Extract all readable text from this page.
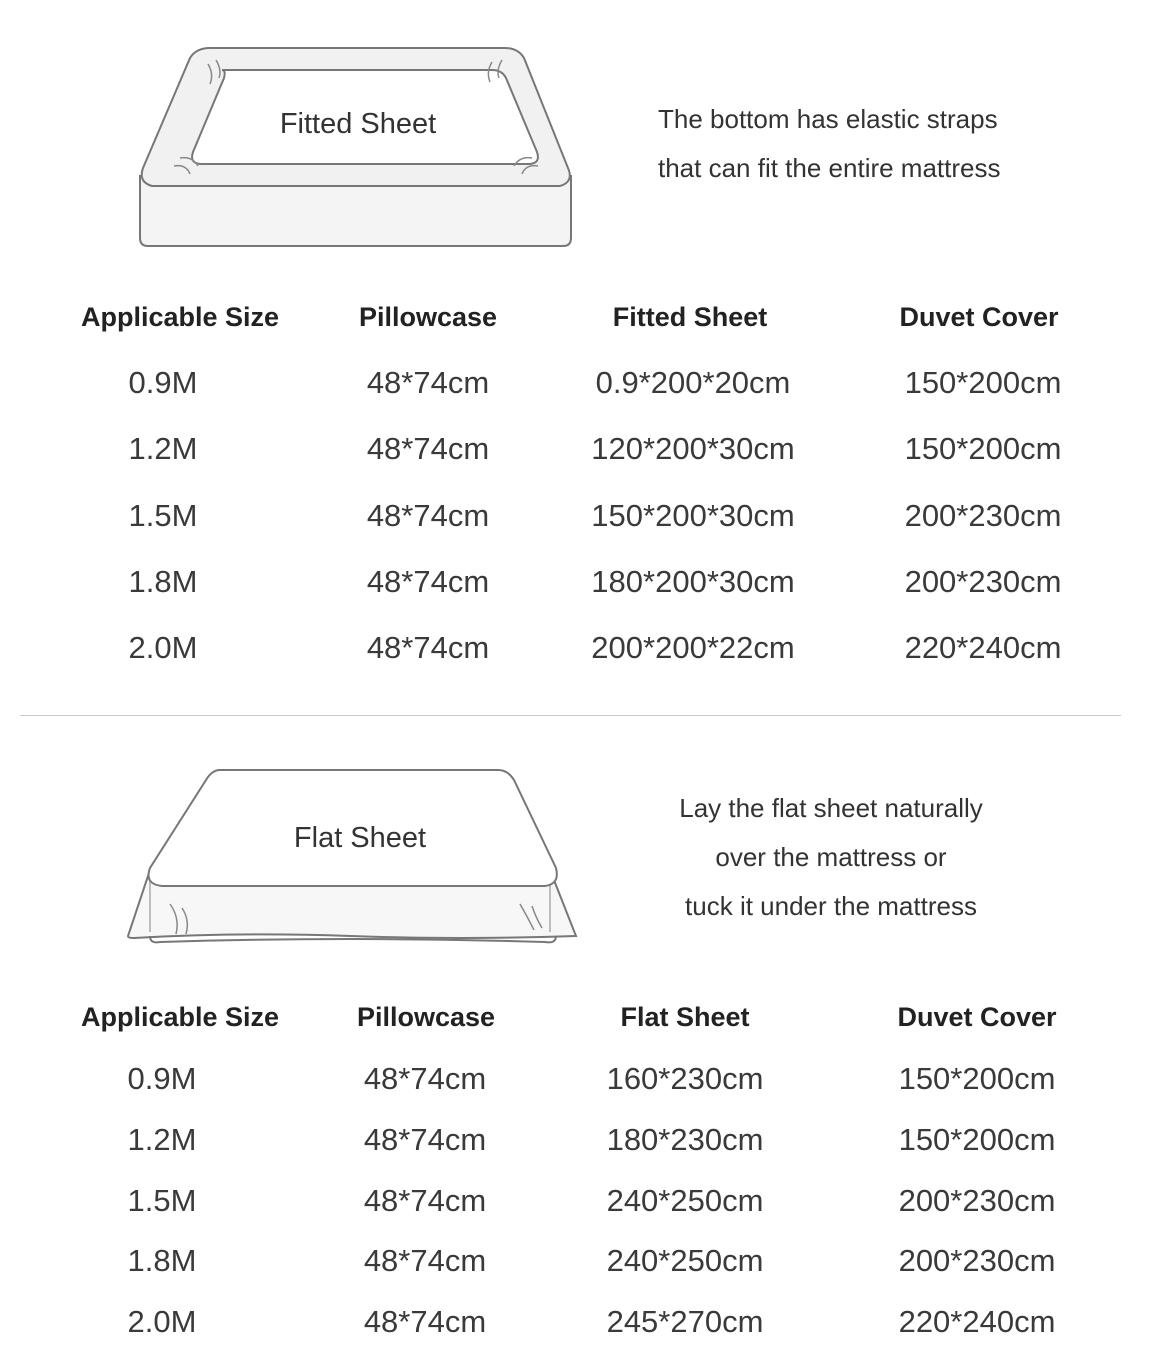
Fitted Sheet	The bottom has elastic straps
that can fit the entire mattress
Applicable Size	Pillowcase	Fitted Sheet	Duvet Cover
0.9M	48*74cm	0.9*200*20cm	150*200cm
1.2M	48*74cm	120*200*30cm	150*200cm
1.5M	48*74cm	150*200*30cm	200*230cm
1.8M	48*74cm	180*200*30cm	200*230cm
2.0M	48*74cm	200*200*22cm	220*240cm
Flat Sheet
Lay the flat sheet naturally
over the mattress or
tuck it under the mattress
Applicable Size	Pillowcase	Flat Sheet	Duvet Cover
0.9M	48*74cm	160*230cm	150*200cm
1.2M	48*74cm	180*230cm	150*200cm
1.5M	48*74cm	240*250cm	200*230cm
1.8M	48*74cm	240*250cm	200*230cm
2.0M	48*74cm	245*270cm	220*240cm
